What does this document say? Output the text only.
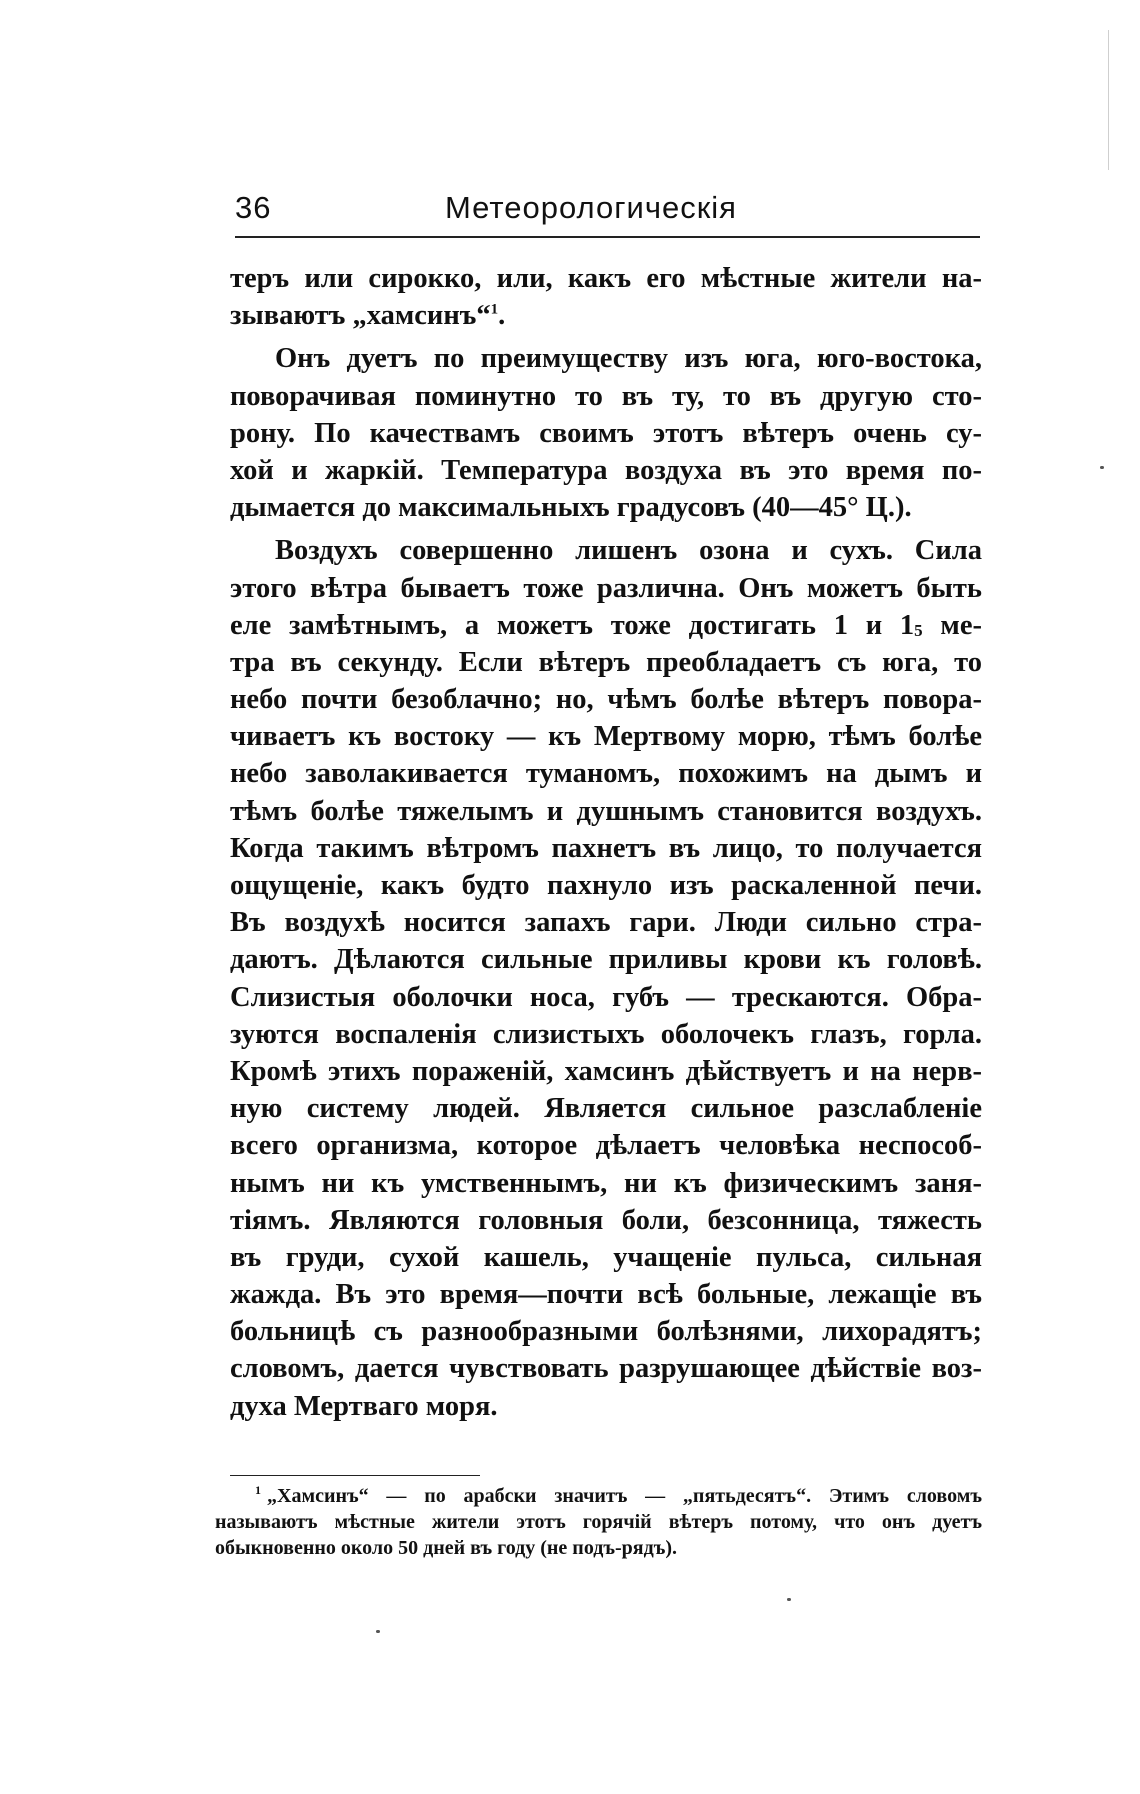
36	Метеорологическія
теръ или сирокко, или, какъ его мѣстные жители на-
зываютъ „хамсинъ“$^1$.
Онъ дуетъ по преимуществу изъ юга, юго-востока,
поворачивая поминутно то въ ту, то въ другую сто-
рону. По качествамъ своимъ этотъ вѣтеръ очень су-
хой и жаркій. Температура воздуха въ это время по-
дымается до максимальныхъ градусовъ (40—45° Ц.).
Воздухъ совершенно лишенъ озона и сухъ. Сила
этого вѣтра бываетъ тоже различна. Онъ можетъ быть
еле замѣтнымъ, а можетъ тоже достигать 1 и $1_5$ ме-
тра въ секунду. Если вѣтеръ преобладаетъ съ юга, то
небо почти безоблачно; но, чѣмъ болѣе вѣтеръ повора-
чиваетъ къ востоку — къ Мертвому морю, тѣмъ болѣе
небо заволакивается туманомъ, похожимъ на дымъ и
тѣмъ болѣе тяжелымъ и душнымъ становится воздухъ.
Когда такимъ вѣтромъ пахнетъ въ лицо, то получается
ощущеніе, какъ будто пахнуло изъ раскаленной печи.
Въ воздухѣ носится запахъ гари. Люди сильно стра-
даютъ. Дѣлаются сильные приливы крови къ головѣ.
Слизистыя оболочки носа, губъ — трескаются. Обра-
зуются воспаленія слизистыхъ оболочекъ глазъ, горла.
Кромѣ этихъ пораженій, хамсинъ дѣйствуетъ и на нерв-
ную систему людей. Является сильное разслабленіе
всего организма, которое дѣлаетъ человѣка неспособ-
нымъ ни къ умственнымъ, ни къ физическимъ заня-
тіямъ. Являются головныя боли, безсонница, тяжесть
въ груди, сухой кашель, учащеніе пульса, сильная
жажда. Въ это время—почти всѣ больные, лежащіе въ
больницѣ съ разнообразными болѣзнями, лихорадятъ;
словомъ, дается чувствовать разрушающее дѣйствіе воз-
духа Мертваго моря.
$^1$ „Хамсинъ“ — по арабски значитъ — „пятьдесятъ“. Этимъ словомъ
называютъ мѣстные жители этотъ горячій вѣтеръ потому, что онъ дуетъ
обыкновенно около 50 дней въ году (не подъ-рядъ).
